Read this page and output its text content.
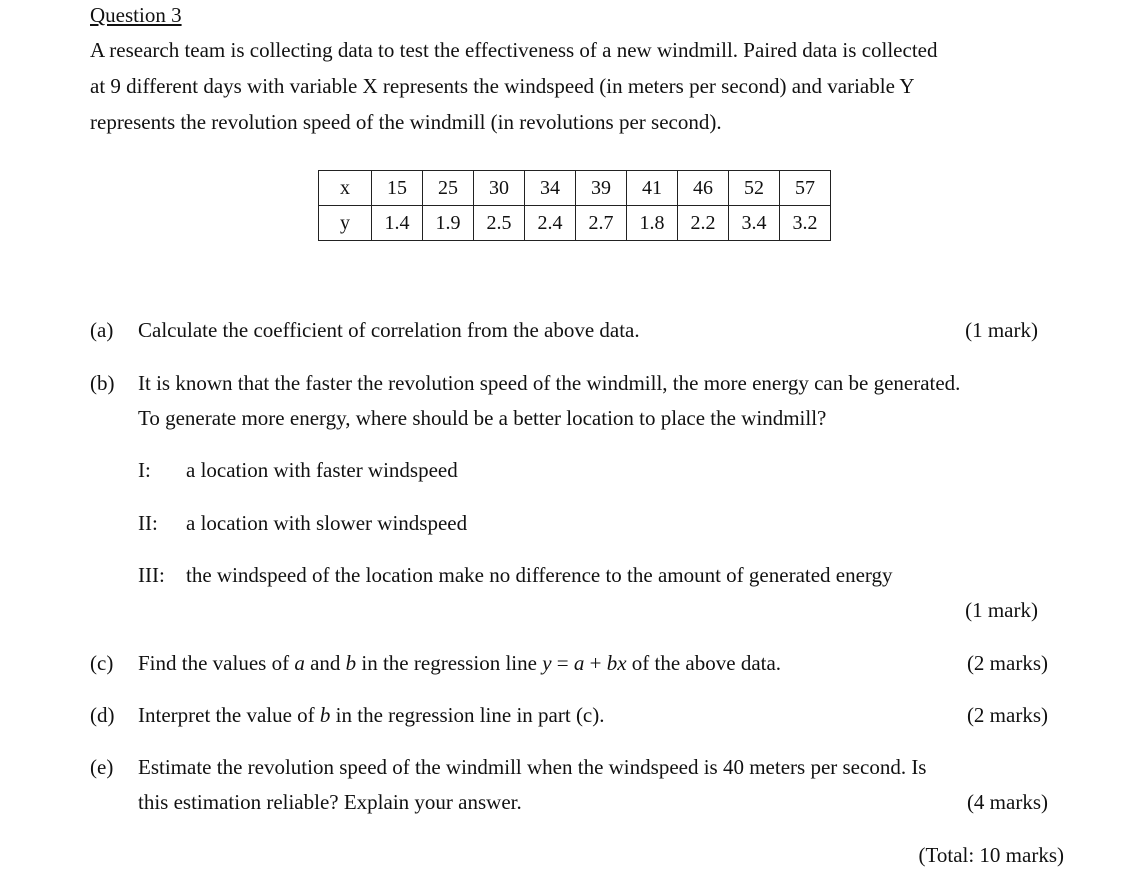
Question 3
A research team is collecting data to test the effectiveness of a new windmill. Paired data is collected
at 9 different days with variable X represents the windspeed (in meters per second) and variable Y
represents the revolution speed of the windmill (in revolutions per second).
x	15	25	30	34	39	41	46	52	57
y	1.4	1.9	2.5	2.4	2.7	1.8	2.2	3.4	3.2
(a) Calculate the coefficient of correlation from the above data.	(1 mark)
(b) It is known that the faster the revolution speed of the windmill, the more energy can be generated.
To generate more energy, where should be a better location to place the windmill?
I: a location with faster windspeed
II: a location with slower windspeed
III: the windspeed of the location make no difference to the amount of generated energy
(1 mark)
(c) Find the values of a and b in the regression line y = a + bx of the above data.	(2 marks)
(d) Interpret the value of b in the regression line in part (c).	(2 marks)
(e) Estimate the revolution speed of the windmill when the windspeed is 40 meters per second. Is
this estimation reliable? Explain your answer.	(4 marks)
(Total: 10 marks)
